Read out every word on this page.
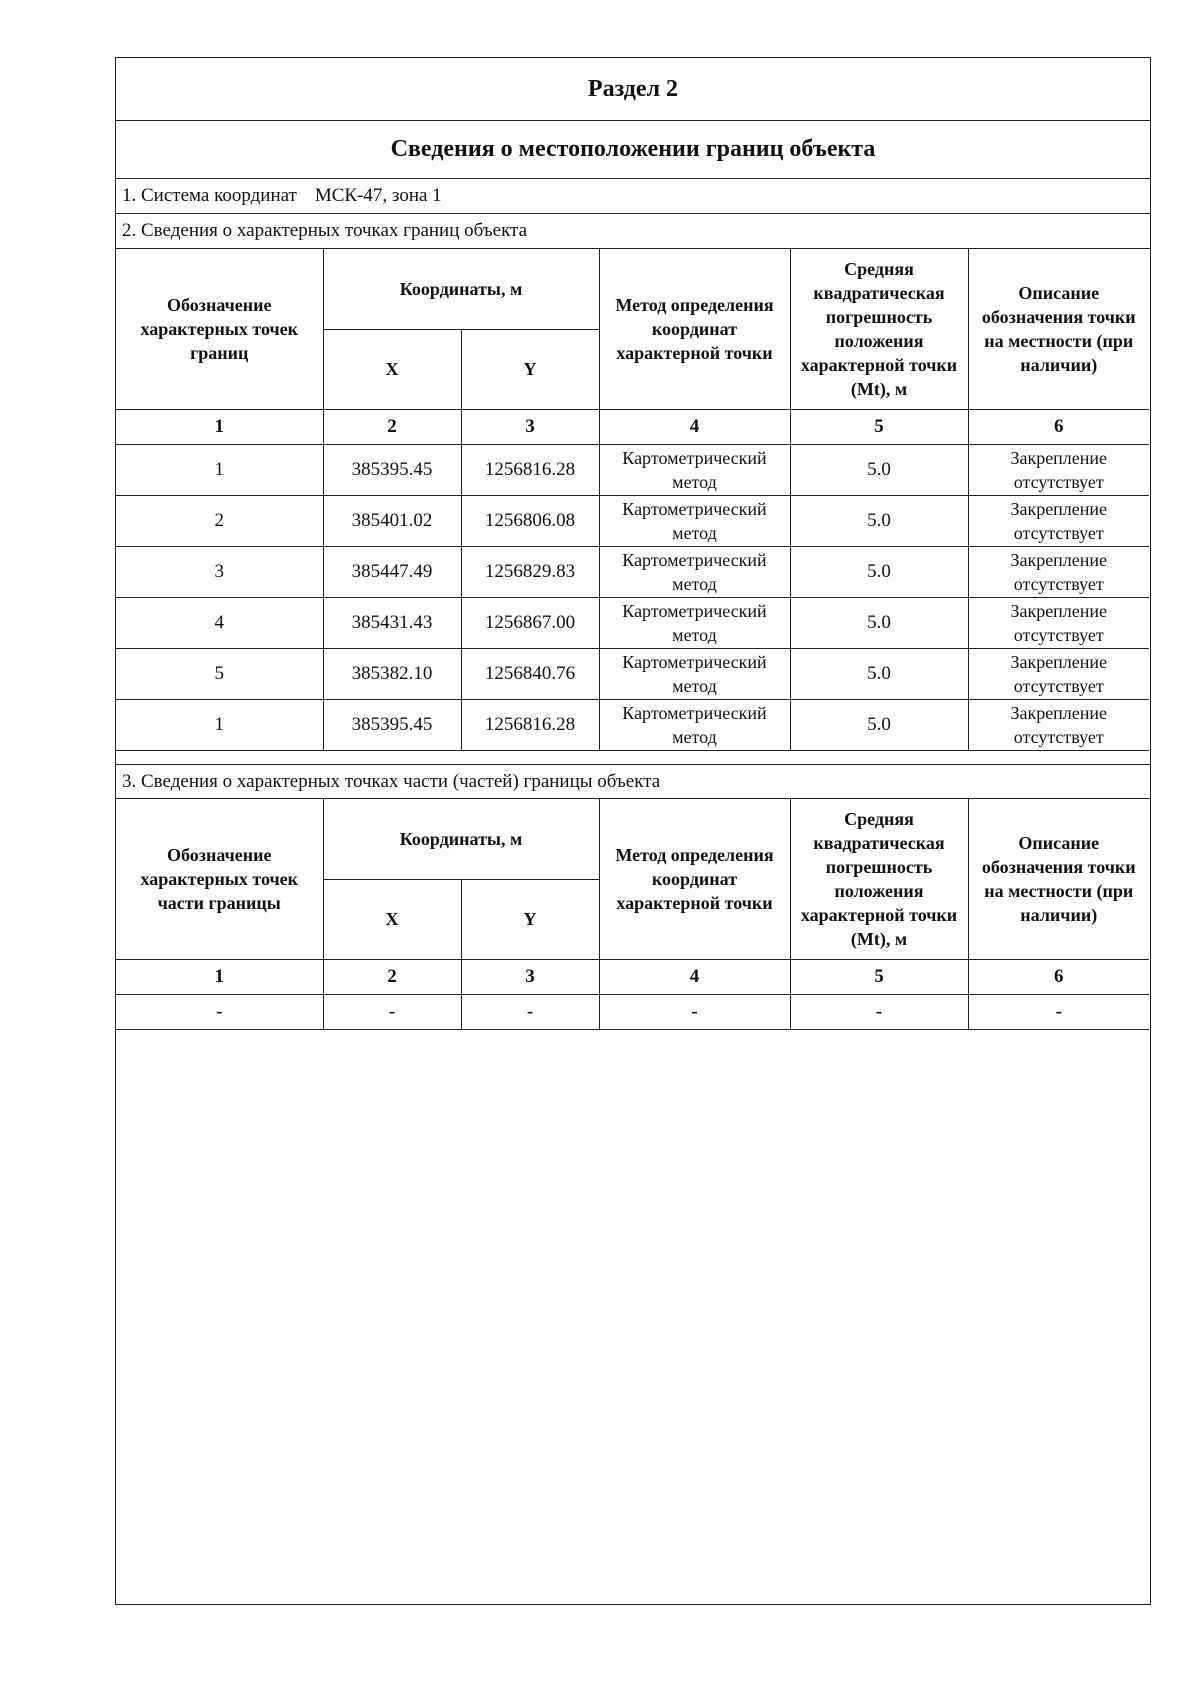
Раздел 2
Сведения о местоположении границ объекта
1. Система координат МСК-47, зона 1
2. Сведения о характерных точках границ объекта
Обозначение характерных точек границ	Координаты, м		Метод определения координат характерной точки	Средняя квадратическая погрешность положения характерной точки (Mt), м	Описание обозначения точки на местности (при наличии)
	X	Y			
1	2	3	4	5	6
1	385395.45	1256816.28	Картометрический метод	5.0	Закрепление отсутствует
2	385401.02	1256806.08	Картометрический метод	5.0	Закрепление отсутствует
3	385447.49	1256829.83	Картометрический метод	5.0	Закрепление отсутствует
4	385431.43	1256867.00	Картометрический метод	5.0	Закрепление отсутствует
5	385382.10	1256840.76	Картометрический метод	5.0	Закрепление отсутствует
1	385395.45	1256816.28	Картометрический метод	5.0	Закрепление отсутствует
3. Сведения о характерных точках части (частей) границы объекта
Обозначение характерных точек части границы	Координаты, м		Метод определения координат характерной точки	Средняя квадратическая погрешность положения характерной точки (Mt), м	Описание обозначения точки на местности (при наличии)
	X	Y			
1	2	3	4	5	6
-	-	-	-	-	-
